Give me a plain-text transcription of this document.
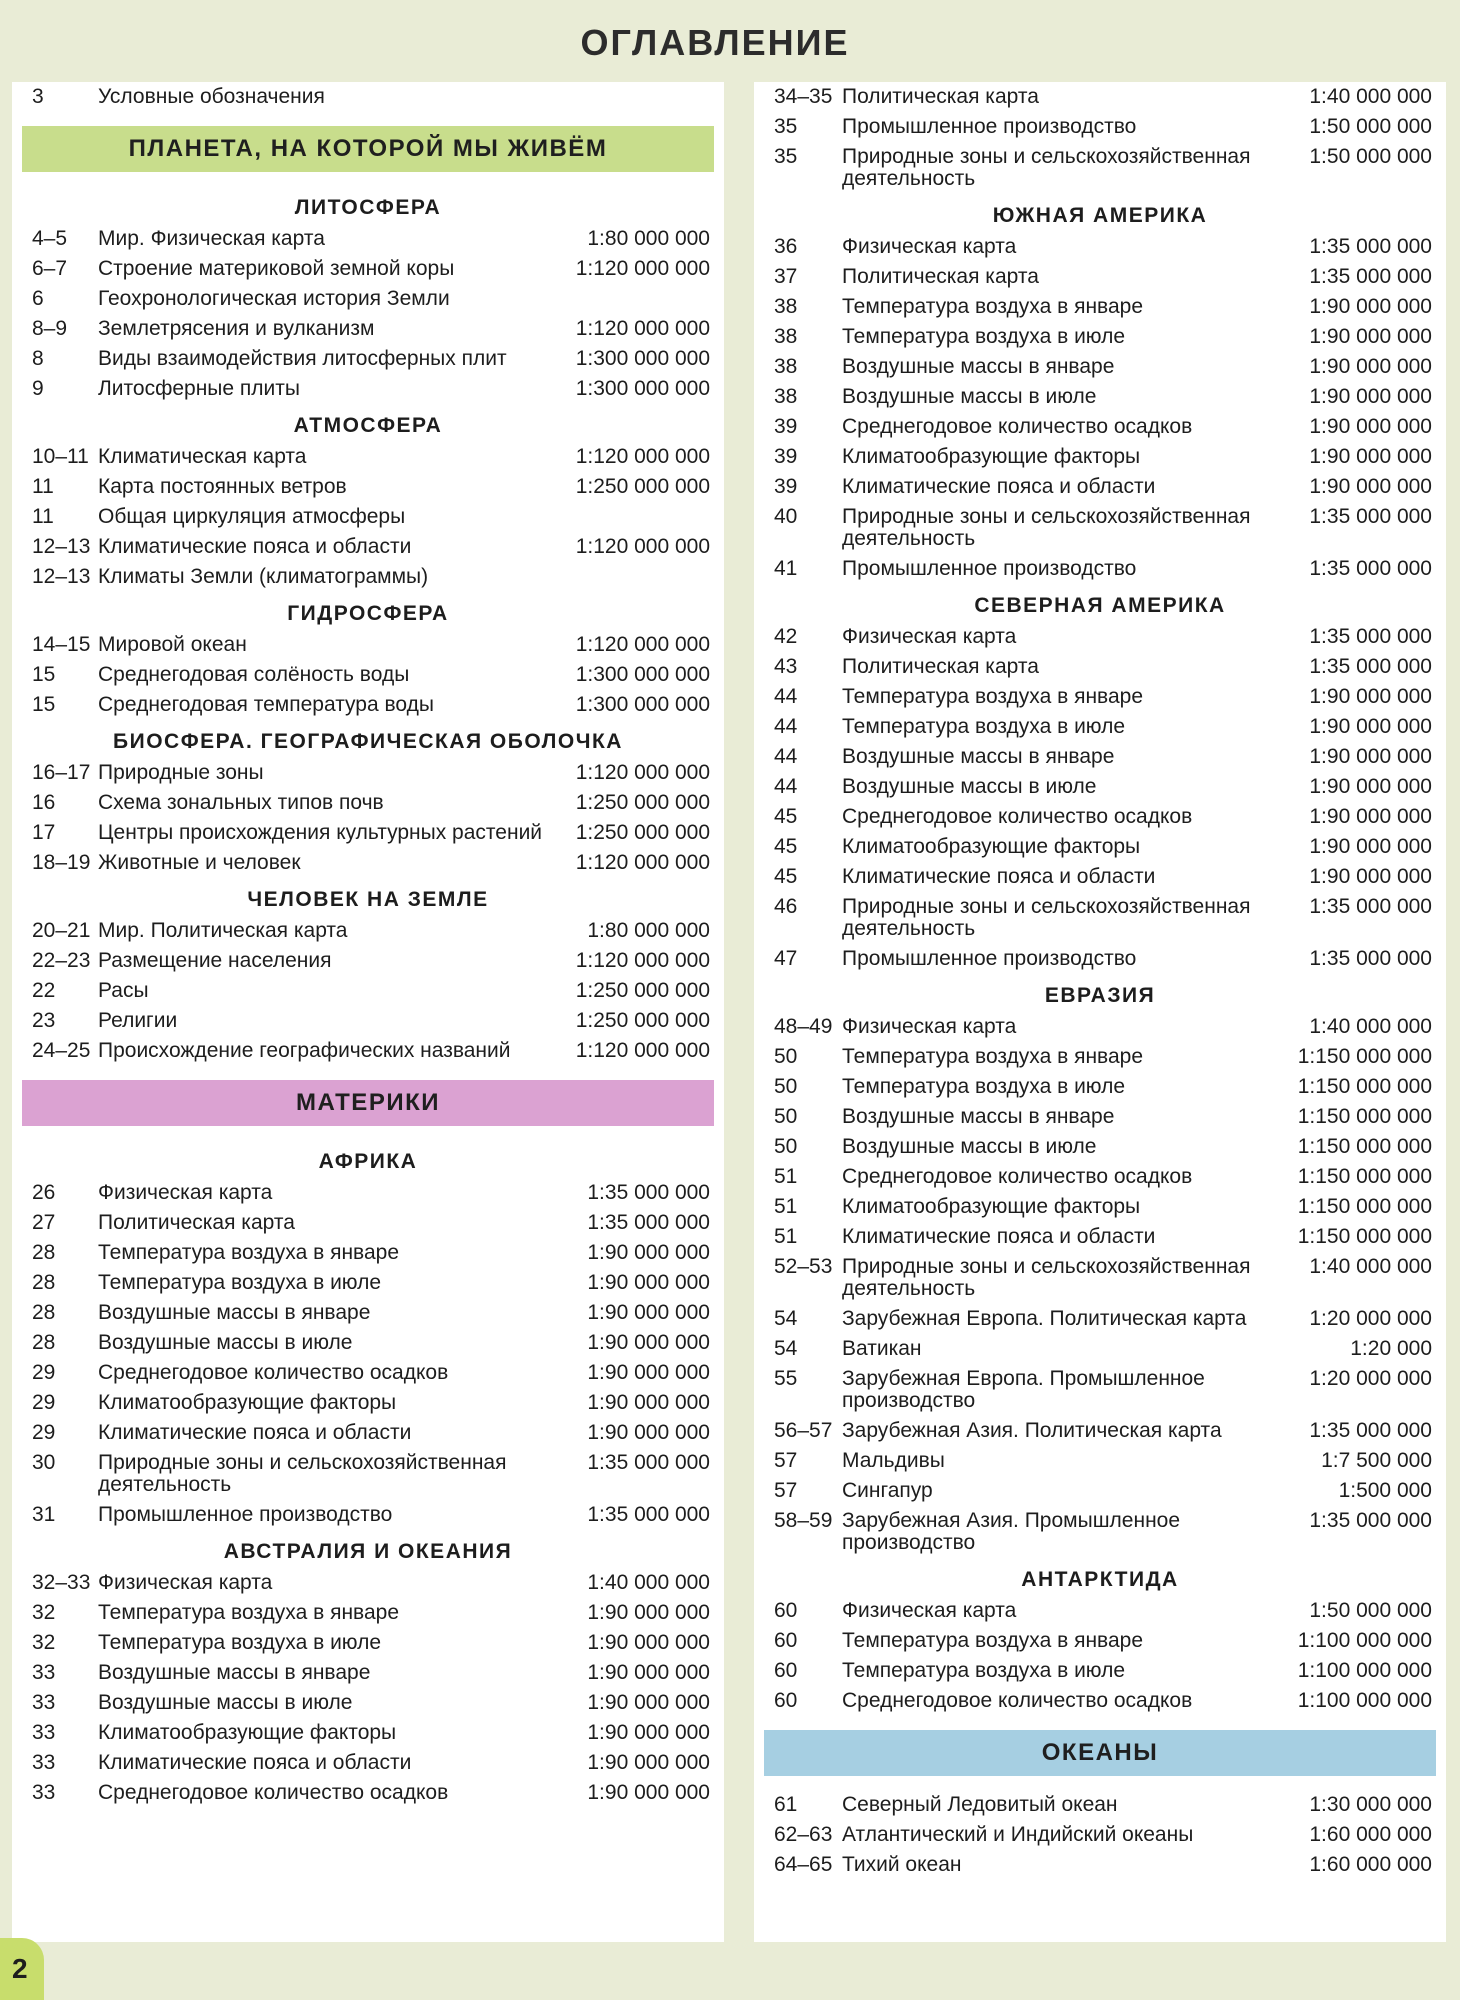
ОГЛАВЛЕНИЕ
3	Условные обозначения
ПЛАНЕТА, НА КОТОРОЙ МЫ ЖИВЁМ
ЛИТОСФЕРА
4–5	Мир. Физическая карта	1:80 000 000
6–7	Строение материковой земной коры	1:120 000 000
6	Геохронологическая история Земли
8–9	Землетрясения и вулканизм	1:120 000 000
8	Виды взаимодействия литосферных плит	1:300 000 000
9	Литосферные плиты	1:300 000 000
АТМОСФЕРА
10–11 Климатическая карта	1:120 000 000
11	Карта постоянных ветров	1:250 000 000
11	Общая циркуляция атмосферы
12–13 Климатические пояса и области	1:120 000 000
12–13 Климаты Земли (климатограммы)
ГИДРОСФЕРА
14–15 Мировой океан	1:120 000 000
15	Среднегодовая солёность воды	1:300 000 000
15	Среднегодовая температура воды	1:300 000 000
БИОСФЕРА. ГЕОГРАФИЧЕСКАЯ ОБОЛОЧКА
16–17 Природные зоны	1:120 000 000
16	Схема зональных типов почв	1:250 000 000
17	Центры происхождения культурных растений	1:250 000 000
18–19 Животные и человек	1:120 000 000
ЧЕЛОВЕК НА ЗЕМЛЕ
20–21 Мир. Политическая карта	1:80 000 000
22–23 Размещение населения	1:120 000 000
22	Расы	1:250 000 000
23	Религии	1:250 000 000
24–25 Происхождение географических названий	1:120 000 000
МАТЕРИКИ
АФРИКА
26	Физическая карта	1:35 000 000
27	Политическая карта	1:35 000 000
28	Температура воздуха в январе	1:90 000 000
28	Температура воздуха в июле	1:90 000 000
28	Воздушные массы в январе	1:90 000 000
28	Воздушные массы в июле	1:90 000 000
29	Среднегодовое количество осадков	1:90 000 000
29	Климатообразующие факторы	1:90 000 000
29	Климатические пояса и области	1:90 000 000
30	Природные зоны и сельскохозяйственная деятельность
1:35 000 000
31	Промышленное производство	1:35 000 000
АВСТРАЛИЯ И ОКЕАНИЯ
32–33 Физическая карта	1:40 000 000
32	Температура воздуха в январе	1:90 000 000
32	Температура воздуха в июле	1:90 000 000
33	Воздушные массы в январе	1:90 000 000
33	Воздушные массы в июле	1:90 000 000
33	Климатообразующие факторы	1:90 000 000
33	Климатические пояса и области	1:90 000 000
33	Среднегодовое количество осадков	1:90 000 000
34–35 Политическая карта	1:40 000 000
35	Промышленное производство	1:50 000 000
35	Природные зоны и сельскохозяйственная деятельность
1:50 000 000
ЮЖНАЯ АМЕРИКА
36	Физическая карта	1:35 000 000
37	Политическая карта	1:35 000 000
38	Температура воздуха в январе	1:90 000 000
38	Температура воздуха в июле	1:90 000 000
38	Воздушные массы в январе	1:90 000 000
38	Воздушные массы в июле	1:90 000 000
39	Среднегодовое количество осадков	1:90 000 000
39	Климатообразующие факторы	1:90 000 000
39	Климатические пояса и области	1:90 000 000
40	Природные зоны и сельскохозяйственная деятельность
1:35 000 000
41	Промышленное производство	1:35 000 000
СЕВЕРНАЯ АМЕРИКА
42	Физическая карта	1:35 000 000
43	Политическая карта	1:35 000 000
44	Температура воздуха в январе	1:90 000 000
44	Температура воздуха в июле	1:90 000 000
44	Воздушные массы в январе	1:90 000 000
44	Воздушные массы в июле	1:90 000 000
45	Среднегодовое количество осадков	1:90 000 000
45	Климатообразующие факторы	1:90 000 000
45	Климатические пояса и области	1:90 000 000
46	Природные зоны и сельскохозяйственная деятельность
1:35 000 000
47	Промышленное производство	1:35 000 000
ЕВРАЗИЯ
48–49 Физическая карта	1:40 000 000
50	Температура воздуха в январе	1:150 000 000
50	Температура воздуха в июле	1:150 000 000
50	Воздушные массы в январе	1:150 000 000
50	Воздушные массы в июле	1:150 000 000
51	Среднегодовое количество осадков	1:150 000 000
51	Климатообразующие факторы	1:150 000 000
51	Климатические пояса и области	1:150 000 000
52–53 Природные зоны и сельскохозяйственная деятельность
1:40 000 000
54	Зарубежная Европа. Политическая карта	1:20 000 000
54	Ватикан	1:20 000
55	Зарубежная Европа. Промышленное производство
1:20 000 000
56–57 Зарубежная Азия. Политическая карта	1:35 000 000
57	Мальдивы	1:7 500 000
57	Сингапур	1:500 000
58–59 Зарубежная Азия. Промышленное производство
1:35 000 000
АНТАРКТИДА
60	Физическая карта	1:50 000 000
60	Температура воздуха в январе	1:100 000 000
60	Температура воздуха в июле	1:100 000 000
60	Среднегодовое количество осадков	1:100 000 000
ОКЕАНЫ
61	Северный Ледовитый океан	1:30 000 000
62–63 Атлантический и Индийский океаны	1:60 000 000
64–65 Тихий океан	1:60 000 000
2
